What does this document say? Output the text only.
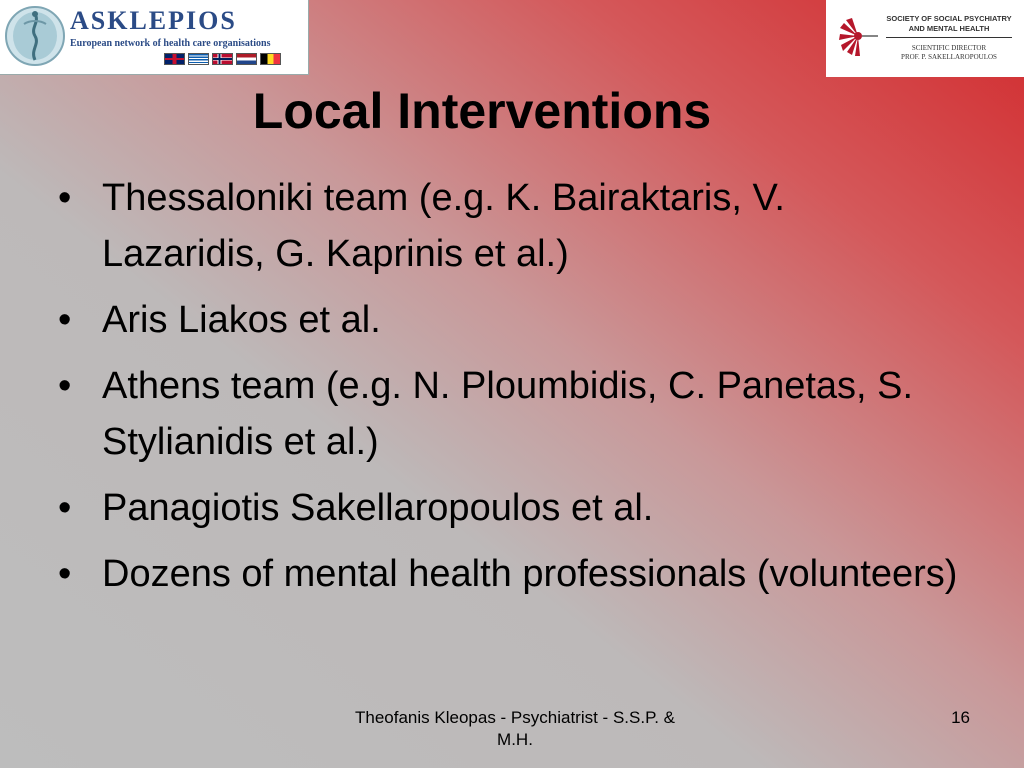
ASKLEPIOS
European network of health care organisations
SOCIETY OF SOCIAL PSYCHIATRY
AND MENTAL HEALTH
SCIENTIFIC DIRECTOR
PROF. P. SAKELLAROPOULOS
Local Interventions
• Thessaloniki team (e.g. K. Bairaktaris, V. Lazaridis, G. Kaprinis et al.)
• Aris Liakos et al.
• Athens team (e.g. N. Ploumbidis, C. Panetas, S. Stylianidis et al.)
• Panagiotis Sakellaropoulos et al.
• Dozens of mental health professionals (volunteers)
Theofanis Kleopas - Psychiatrist - S.S.P. & M.H.
16
